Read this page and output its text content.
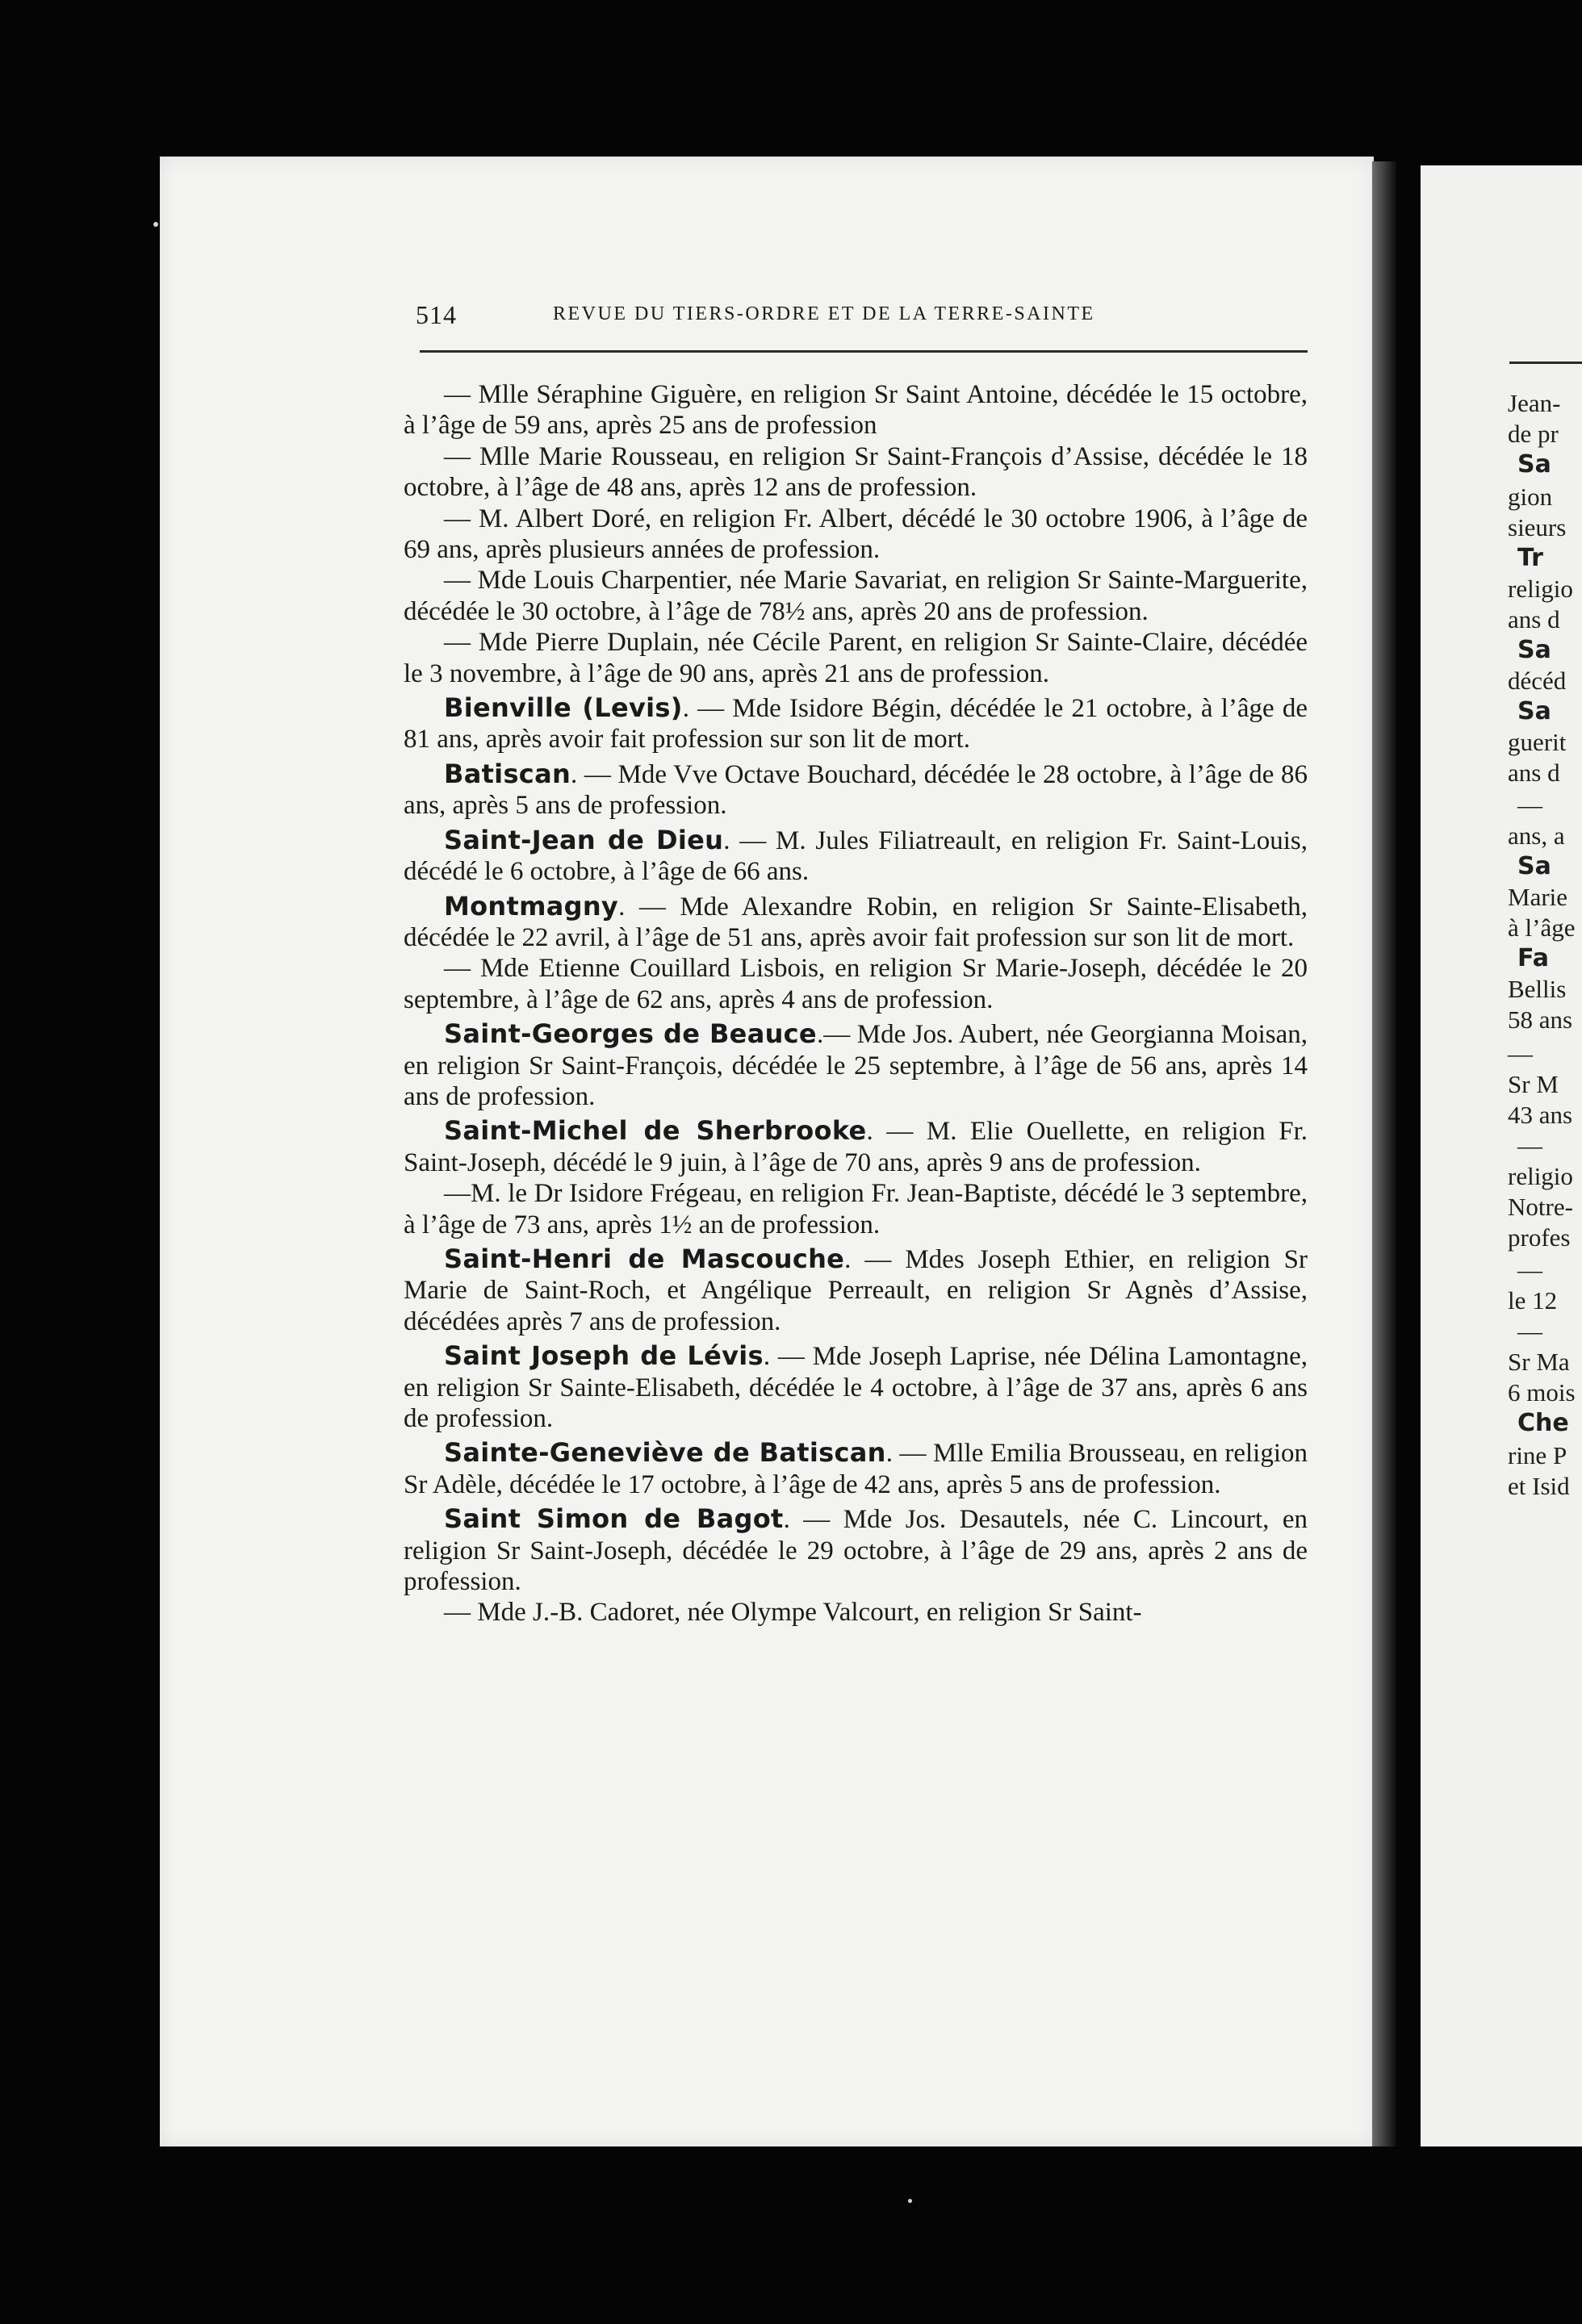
514	REVUE DU TIERS-ORDRE ET DE LA TERRE-SAINTE

— Mlle Séraphine Giguère, en religion Sr Saint Antoine, décédée le 15 octobre, à l’âge de 59 ans, après 25 ans de profession

— Mlle Marie Rousseau, en religion Sr Saint-François d’Assise, décédée le 18 octobre, à l’âge de 48 ans, après 12 ans de profession.

— M. Albert Doré, en religion Fr. Albert, décédé le 30 octobre 1906, à l’âge de 69 ans, après plusieurs années de profession.

— Mde Louis Charpentier, née Marie Savariat, en religion Sr Sainte-Marguerite, décédée le 30 octobre, à l’âge de 78½ ans, après 20 ans de profession.

— Mde Pierre Duplain, née Cécile Parent, en religion Sr Sainte-Claire, décédée le 3 novembre, à l’âge de 90 ans, après 21 ans de profession.

Bienville (Levis). — Mde Isidore Bégin, décédée le 21 octobre, à l’âge de 81 ans, après avoir fait profession sur son lit de mort.

Batiscan. — Mde Vve Octave Bouchard, décédée le 28 octobre, à l’âge de 86 ans, après 5 ans de profession.

Saint-Jean de Dieu. — M. Jules Filiatreault, en religion Fr. Saint-Louis, décédé le 6 octobre, à l’âge de 66 ans.

Montmagny. — Mde Alexandre Robin, en religion Sr Sainte-Elisabeth, décédée le 22 avril, à l’âge de 51 ans, après avoir fait profession sur son lit de mort.

— Mde Etienne Couillard Lisbois, en religion Sr Marie-Joseph, décédée le 20 septembre, à l’âge de 62 ans, après 4 ans de profession.

Saint-Georges de Beauce.— Mde Jos. Aubert, née Georgianna Moisan, en religion Sr Saint-François, décédée le 25 septembre, à l’âge de 56 ans, après 14 ans de profession.

Saint-Michel de Sherbrooke. — M. Elie Ouellette, en religion Fr. Saint-Joseph, décédé le 9 juin, à l’âge de 70 ans, après 9 ans de profession.

—M. le Dr Isidore Frégeau, en religion Fr. Jean-Baptiste, décédé le 3 septembre, à l’âge de 73 ans, après 1½ an de profession.

Saint-Henri de Mascouche. — Mdes Joseph Ethier, en religion Sr Marie de Saint-Roch, et Angélique Perreault, en religion Sr Agnès d’Assise, décédées après 7 ans de profession.

Saint Joseph de Lévis. — Mde Joseph Laprise, née Délina Lamontagne, en religion Sr Sainte-Elisabeth, décédée le 4 octobre, à l’âge de 37 ans, après 6 ans de profession.

Sainte-Geneviève de Batiscan. — Mlle Emilia Brousseau, en religion Sr Adèle, décédée le 17 octobre, à l’âge de 42 ans, après 5 ans de profession.

Saint Simon de Bagot. — Mde Jos. Desautels, née C. Lincourt, en religion Sr Saint-Joseph, décédée le 29 octobre, à l’âge de 29 ans, après 2 ans de profession.

— Mde J.-B. Cadoret, née Olympe Valcourt, en religion Sr Saint-

Jean-
de pr
Sa
gion
sieurs
Tr
religio
ans d
Sa
décéd
Sa
guerit
ans d
—
ans, a
Sa
Marie
à l’âge
Fa
Bellis
58 ans
—
Sr M
43 ans
—
religio
Notre-
profes
—
le 12
—
Sr Ma
6 mois
Che
rine P
et Isid
